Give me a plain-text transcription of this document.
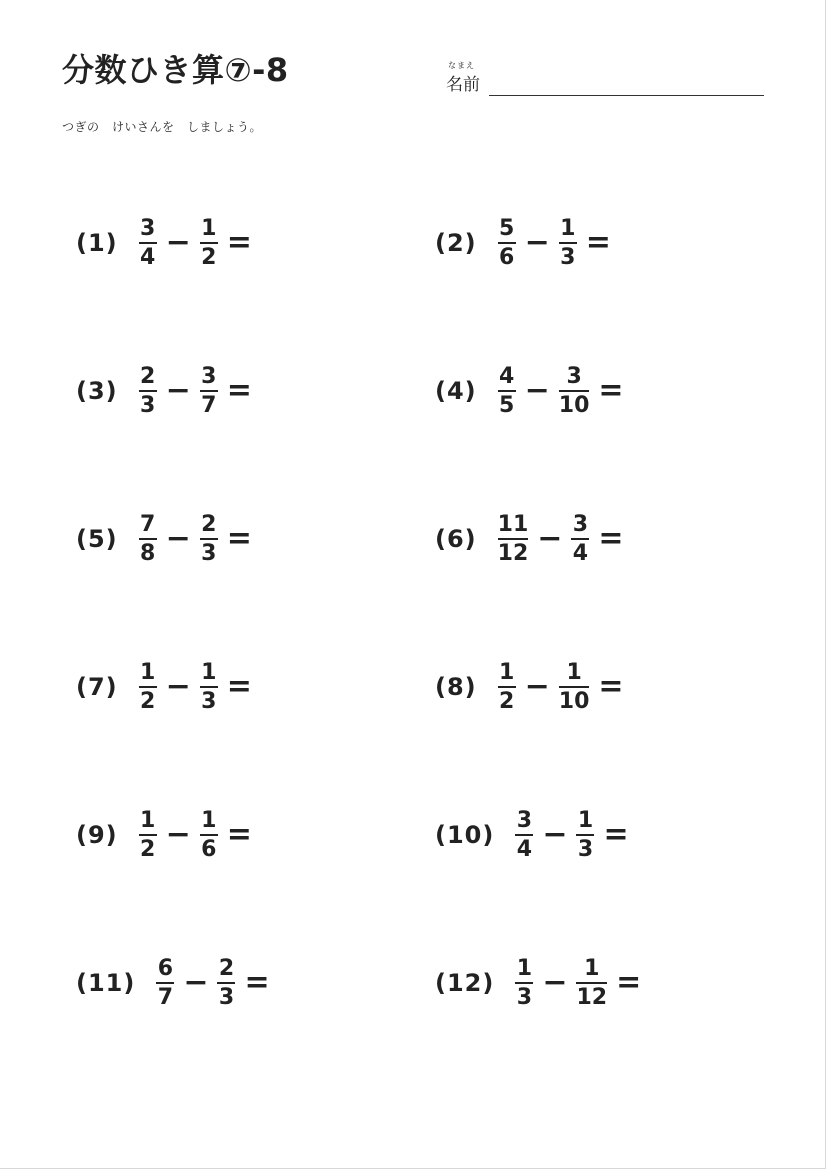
分数ひき算⑦-8	なまえ
名前
つぎの　けいさんを　しましょう。
$(1) \frac{3}{4} - \frac{1}{2}$ =	$(2) \frac{5}{6} - \frac{1}{3}$ =
$(3) \frac{2}{3} - \frac{3}{7}$ =	$(4) \frac{4}{5} - \frac{3}{10}$ =
$(5) \frac{7}{8} - \frac{2}{3}$ =	$(6) \frac{11}{12} - \frac{3}{4}$ =
$(7) \frac{1}{2} - \frac{1}{3}$ =	$(8) \frac{1}{2} - \frac{1}{10}$ =
$(9) \frac{1}{2} - \frac{1}{6}$ =	$(10) \frac{3}{4} - \frac{1}{3}$ =
$(11) \frac{6}{7} - \frac{2}{3}$ =	$(12) \frac{1}{3} - \frac{1}{12}$ =
